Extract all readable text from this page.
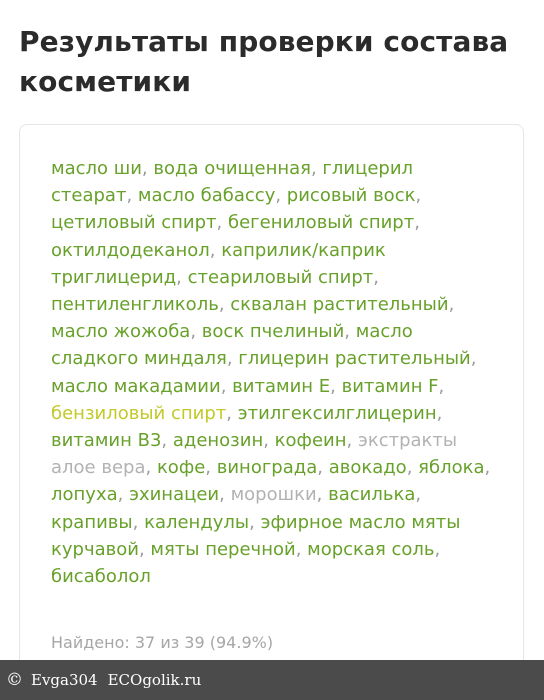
Результаты проверки состава косметики
масло ши, вода очищенная, глицерил стеарат, масло бабассу, рисовый воск, цетиловый спирт, бегениловый спирт, октилдодеканол, каприлик/каприк триглицерид, стеариловый спирт, пентиленгликоль, сквалан растительный, масло жожоба, воск пчелиный, масло сладкого миндаля, глицерин растительный, масло макадамии, витамин E, витамин F, бензиловый спирт, этилгексилглицерин, витамин B3, аденозин, кофеин, экстракты алое вера, кофе, винограда, авокадо, яблока, лопуха, эхинацеи, морошки, василька, крапивы, календулы, эфирное масло мяты курчавой, мяты перечной, морская соль, бисаболол
Найдено: 37 из 39 (94.9%)
© Evga304 ECOgolik.ru
